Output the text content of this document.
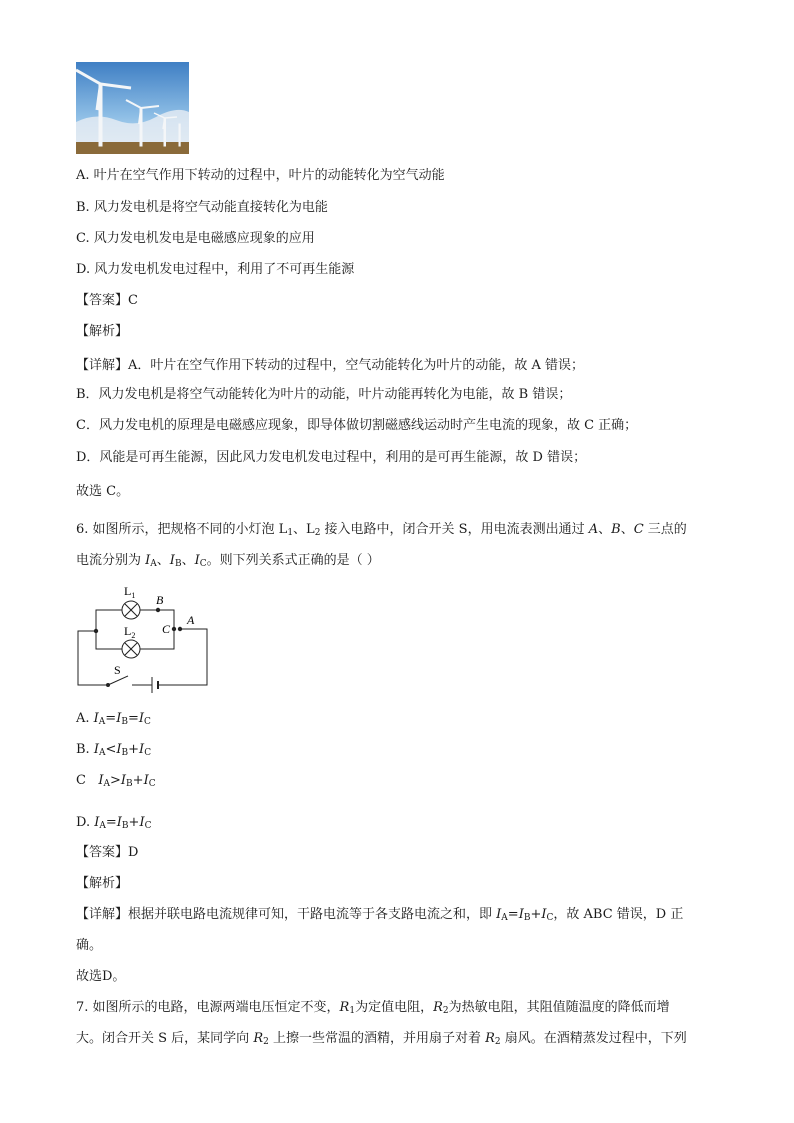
A. 叶片在空气作用下转动的过程中，叶片的动能转化为空气动能
B. 风力发电机是将空气动能直接转化为电能
C. 风力发电机发电是电磁感应现象的应用
D. 风力发电机发电过程中，利用了不可再生能源
【答案】C
【解析】
【详解】A．叶片在空气作用下转动的过程中，空气动能转化为叶片的动能，故 A 错误；
B．风力发电机是将空气动能转化为叶片的动能，叶片动能再转化为电能，故 B 错误；
C．风力发电机的原理是电磁感应现象，即导体做切割磁感线运动时产生电流的现象，故 C 正确；
D．风能是可再生能源，因此风力发电机发电过程中，利用的是可再生能源，故 D 错误；
故选 C。
6. 如图所示，把规格不同的小灯泡 $L_1$、$L_2$ 接入电路中，闭合开关 S，用电流表测出通过 A、B、C 三点的
电流分别为 $I_A$、$I_B$、$I_C$。则下列关系式正确的是（ ）
$L_1$
$L_2$
B
C
A
S
A. $I_A=I_B=I_C$
B. $I_A<I_B+I_C$
C   $I_A>I_B+I_C$
D. $I_A=I_B+I_C$
【答案】D
【解析】
【详解】根据并联电路电流规律可知，干路电流等于各支路电流之和，即 $I_A=I_B+I_C$，故 ABC 错误，D 正
确。
故选D。
7. 如图所示的电路，电源两端电压恒定不变，$R_1$为定值电阻，$R_2$为热敏电阻，其阻值随温度的降低而增
大。闭合开关 S 后，某同学向 $R_2$ 上擦一些常温的酒精，并用扇子对着 $R_2$ 扇风。在酒精蒸发过程中，下列
